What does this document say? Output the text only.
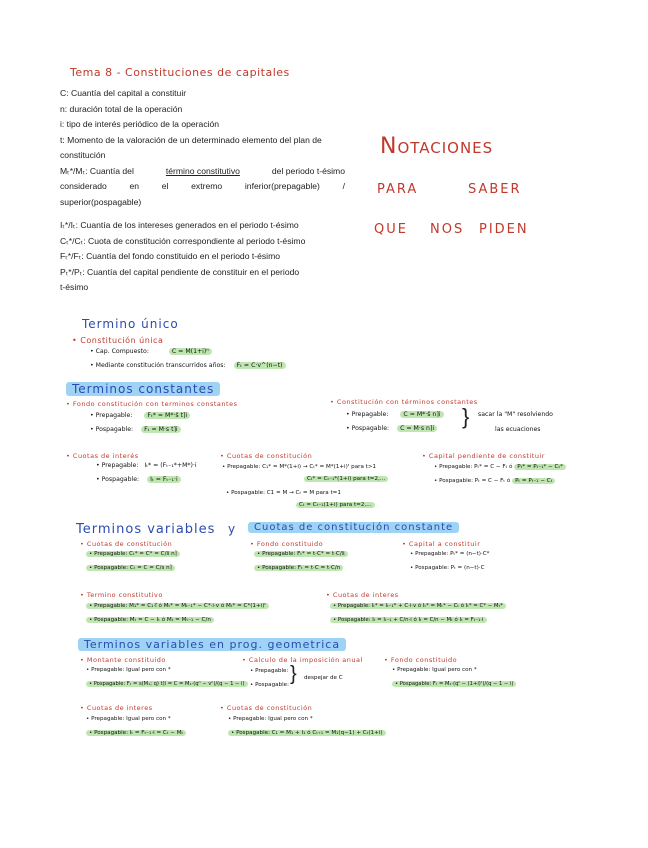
Tema 8 - Constituciones de capitales

C: Cuantía del capital a constituir

n: duración total de la operación

i: tipo de interés periódico de la operación

t: Momento de la valoración de un determinado elemento del plan de

constitución

Mₜ*/Mₜ: Cuantía del	término constitutivo	del periodo t-ésimo

considerado	en	el	extremo	inferior(prepagable)	/

superior(pospagable)

Iₜ*/Iₜ: Cuantía de los intereses generados en el periodo t-ésimo

Cₜ*/Cₜ: Cuota de constitución correspondiente al periodo t-ésimo

Fₜ*/Fₜ: Cuantía del fondo constituido en el periodo t-ésimo

Pₜ*/Pₜ: Cuantía del capital pendiente de constituir en el periodo

t-ésimo

Notaciones
para	saber
que nos piden
Termino único
• Constitución única
• Cap. Compuesto:	C = M(1+i)ⁿ
• Mediante constitución transcurridos años: Fₜ = C·v^(n−t)
Terminos constantes
• Fondo constitución con terminos constantes
• Prepagable: Fₜ* = M*·s̈ t⌉i
• Pospagable: Fₜ = M·s t⌉i
• Constitución con términos constantes
• Prepagable: C = M*·s̈ n⌉i
• Pospagable: C = M·s n⌉i } sacar la "M" resolviendo
las ecuaciones
• Cuotas de interés
• Prepagable: Iₜ* = (Fₜ₋₁*+M*)·i
• Pospagable: Iₜ = Fₜ₋₁·i
• Cuotas de constitución
• Prepagable: C₁* = M*(1+i) → Cₜ* = M*(1+i)ᵗ para t>1
Cₜ* = Cₜ₋₁*(1+i) para t=2,...
• Pospagable: C1 = M → Cₜ = M para t=1
Cₜ = Cₜ₋₁(1+i) para t=2,...
• Capital pendiente de constituir
• Prepagable: Pₜ* = C − Fₜ ó Pₜ* = Pₜ₋₁* − Cₜ*
• Pospagable: Pₜ = C − Fₜ ó Pₜ = Pₜ₋₁ − Cₜ
Terminos variables y	Cuotas de constitución constante
• Cuotas de constitución
• Prepagable: Cₜ* = C* = C/s̈ n⌉
• Pospagable: Cₜ = C = C/s n⌉
• Fondo constituido
• Prepagable: Fₜ* = t·C* = t·C/s̈
• Pospagable: Fₜ = t·C = t·C/n
• Capital a constituir
• Prepagable: Pₜ* = (n−t)·C*
• Pospagable: Pₜ = (n−t)·C
• Termino constitutivo
• Prepagable: M₁* = C₁·i⃗ ó Mₜ* = Mₜ₋₁* − C*·i·v ó Mₜ* = C*(1+i)ᵗ
• Pospagable: Mₜ = C − Iₜ ó Mₜ = Mₜ₋₁ − C/n
• Cuotas de interes
• Prepagable: Iₜ* = Iₜ₋₁* + C·i·v ó Iₜ* = Mₜ* − Cₜ ó Iₜ* = C* − Mₜ*
• Pospagable: Iₜ = Iₜ₋₁ + C/n·i ó Iₜ = C/n − Mₜ ó Iₜ = Fₜ₋₁·i
Terminos variables en prog. geometrica
• Montante constituido
• Prepagable: Igual pero con *
• Pospagable: Fₜ = s(M₁; q) t⌉i = C = M₁·(qⁿ − vⁿ)/(q − 1 − i)
• Calculo de la imposición anual
• Prepagable:
• Pospagable: } despejar de C
• Fondo constituido
• Prepagable: Igual pero con *
• Pospagable: Fₜ = M₁·(qᵗ − (1+i)ᵗ)/(q − 1 − i)
• Cuotas de interes
• Prepagable: Igual pero con *
• Pospagable: Iₜ = Fₜ₋₁·i = Cₜ − Mₜ
• Cuotas de constitución
• Prepagable: Igual pero con *
• Pospagable: C₁ = M₁ + I₁ ó Cₜ₊₁ = M₁(q−1) + Cₜ(1+i)
